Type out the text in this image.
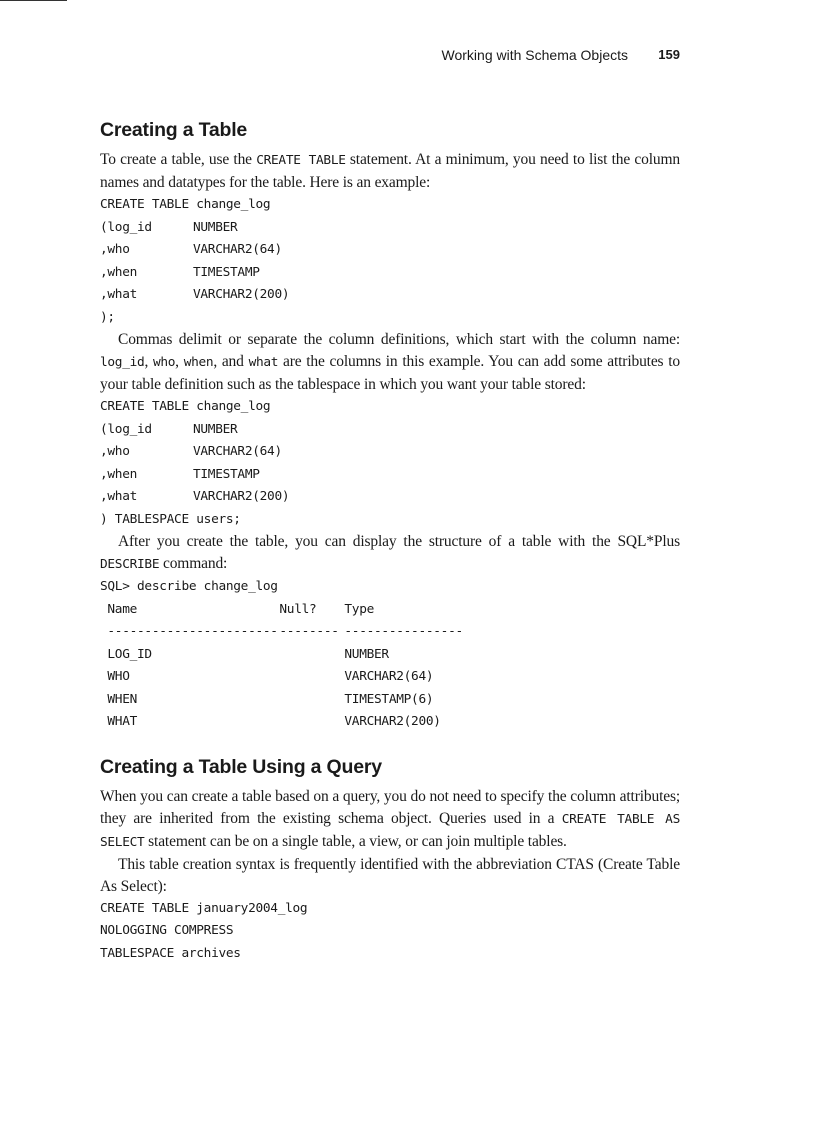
Working with Schema Objects 159
Creating a Table

To create a table, use the CREATE TABLE statement. At a minimum, you need to list the column names and datatypes for the table. Here is an example:

CREATE TABLE change_log
(log_id	NUMBER
,who	VARCHAR2(64)
,when	TIMESTAMP
,what	VARCHAR2(200)
);

Commas delimit or separate the column definitions, which start with the column name: log_id, who, when, and what are the columns in this example. You can add some attributes to your table definition such as the tablespace in which you want your table stored:

CREATE TABLE change_log
(log_id	NUMBER
,who	VARCHAR2(64)
,when	TIMESTAMP
,what	VARCHAR2(200)
) TABLESPACE users;

After you create the table, you can display the structure of a table with the SQL*Plus DESCRIBE command:

SQL> describe change_log
Name	Null? Type
----------------------- -------- ----------------
LOG_ID	NUMBER
WHO	VARCHAR2(64)
WHEN	TIMESTAMP(6)
WHAT	VARCHAR2(200)
Creating a Table Using a Query

When you can create a table based on a query, you do not need to specify the column attributes; they are inherited from the existing schema object. Queries used in a CREATE TABLE AS SELECT statement can be on a single table, a view, or can join multiple tables.

This table creation syntax is frequently identified with the abbreviation CTAS (Create Table As Select):

CREATE TABLE january2004_log
NOLOGGING COMPRESS
TABLESPACE archives
